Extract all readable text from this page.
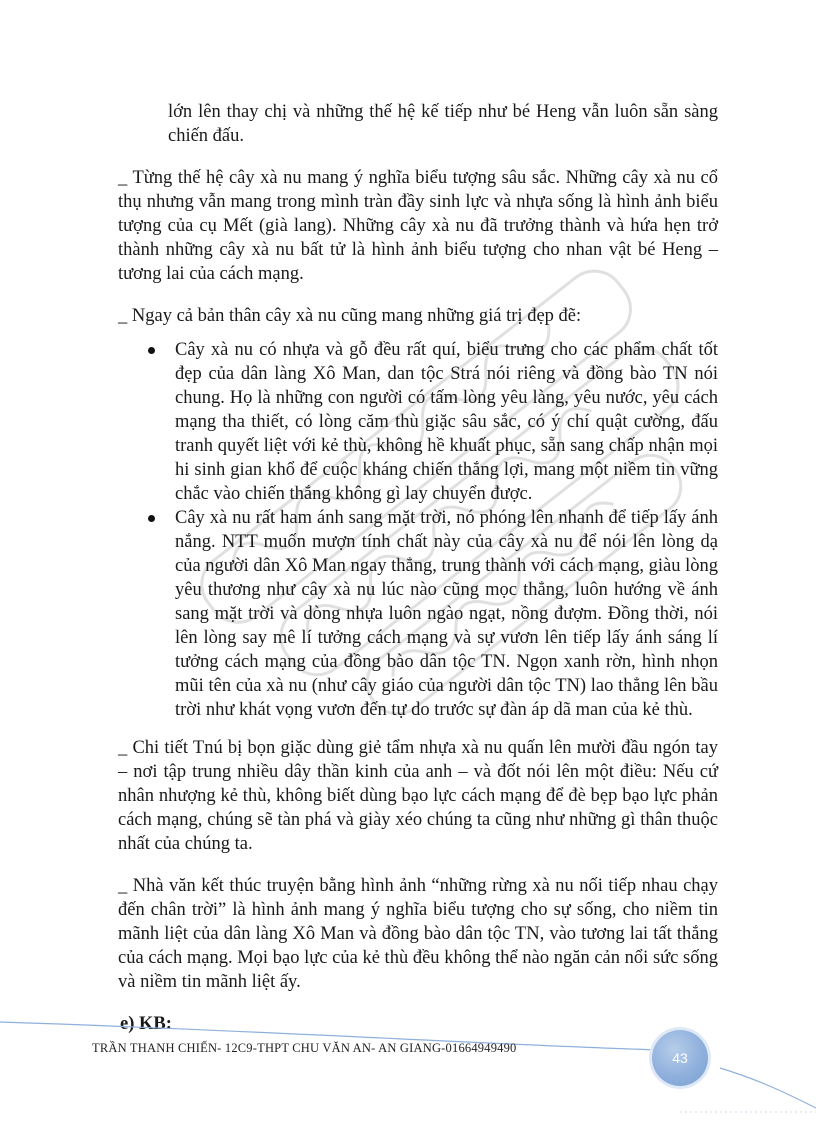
lớn lên thay chị và những thế hệ kế tiếp như bé Heng vẫn luôn sẵn sàng chiến đấu.

_ Từng thế hệ cây xà nu mang ý nghĩa biểu tượng sâu sắc. Những cây xà nu cổ thụ nhưng vẫn mang trong mình tràn đầy sinh lực và nhựa sống là hình ảnh biểu tượng của cụ Mết (già lang). Những cây xà nu đã trưởng thành và hứa hẹn trở thành những cây xà nu bất tử là hình ảnh biểu tượng cho nhan vật bé Heng – tương lai của cách mạng.

_ Ngay cả bản thân cây xà nu cũng mang những giá trị đẹp đẽ:

Cây xà nu có nhựa và gỗ đều rất quí, biểu trưng cho các phẩm chất tốt đẹp của dân làng Xô Man, dan tộc Strá nói riêng và đồng bào TN nói chung. Họ là những con người có tấm lòng yêu làng, yêu nước, yêu cách mạng tha thiết, có lòng căm thù giặc sâu sắc, có ý chí quật cường, đấu tranh quyết liệt với kẻ thù, không hề khuất phục, sẵn sang chấp nhận mọi hi sinh gian khổ để cuộc kháng chiến thắng lợi, mang một niềm tin vững chắc vào chiến thắng không gì lay chuyển được.
Cây xà nu rất ham ánh sang mặt trời, nó phóng lên nhanh để tiếp lấy ánh nắng. NTT muốn mượn tính chất này của cây xà nu để nói lên lòng dạ của người dân Xô Man ngay thẳng, trung thành với cách mạng, giàu lòng yêu thương như cây xà nu lúc nào cũng mọc thẳng, luôn hướng về ánh sang mặt trời và dòng nhựa luôn ngào ngạt, nồng đượm. Đồng thời, nói lên lòng say mê lí tưởng cách mạng và sự vươn lên tiếp lấy ánh sáng lí tưởng cách mạng của đồng bào dân tộc TN. Ngọn xanh rờn, hình nhọn mũi tên của xà nu (như cây giáo của người dân tộc TN) lao thẳng lên bầu trời như khát vọng vươn đến tự do trước sự đàn áp dã man của kẻ thù.

_ Chi tiết Tnú bị bọn giặc dùng giẻ tẩm nhựa xà nu quấn lên mười đầu ngón tay – nơi tập trung nhiều dây thần kinh của anh – và đốt nói lên một điều: Nếu cứ nhân nhượng kẻ thù, không biết dùng bạo lực cách mạng để đè bẹp bạo lực phản cách mạng, chúng sẽ tàn phá và giày xéo chúng ta cũng như những gì thân thuộc nhất của chúng ta.

_ Nhà văn kết thúc truyện bằng hình ảnh “những rừng xà nu nối tiếp nhau chạy đến chân trời” là hình ảnh mang ý nghĩa biểu tượng cho sự sống, cho niềm tin mãnh liệt của dân làng Xô Man và đồng bào dân tộc TN, vào tương lai tất thắng của cách mạng. Mọi bạo lực của kẻ thù đều không thể nào ngăn cản nổi sức sống và niềm tin mãnh liệt ấy.

e) KB:

TRẦN THANH CHIẾN- 12C9-THPT CHU VĂN AN- AN GIANG-01664949490
43
